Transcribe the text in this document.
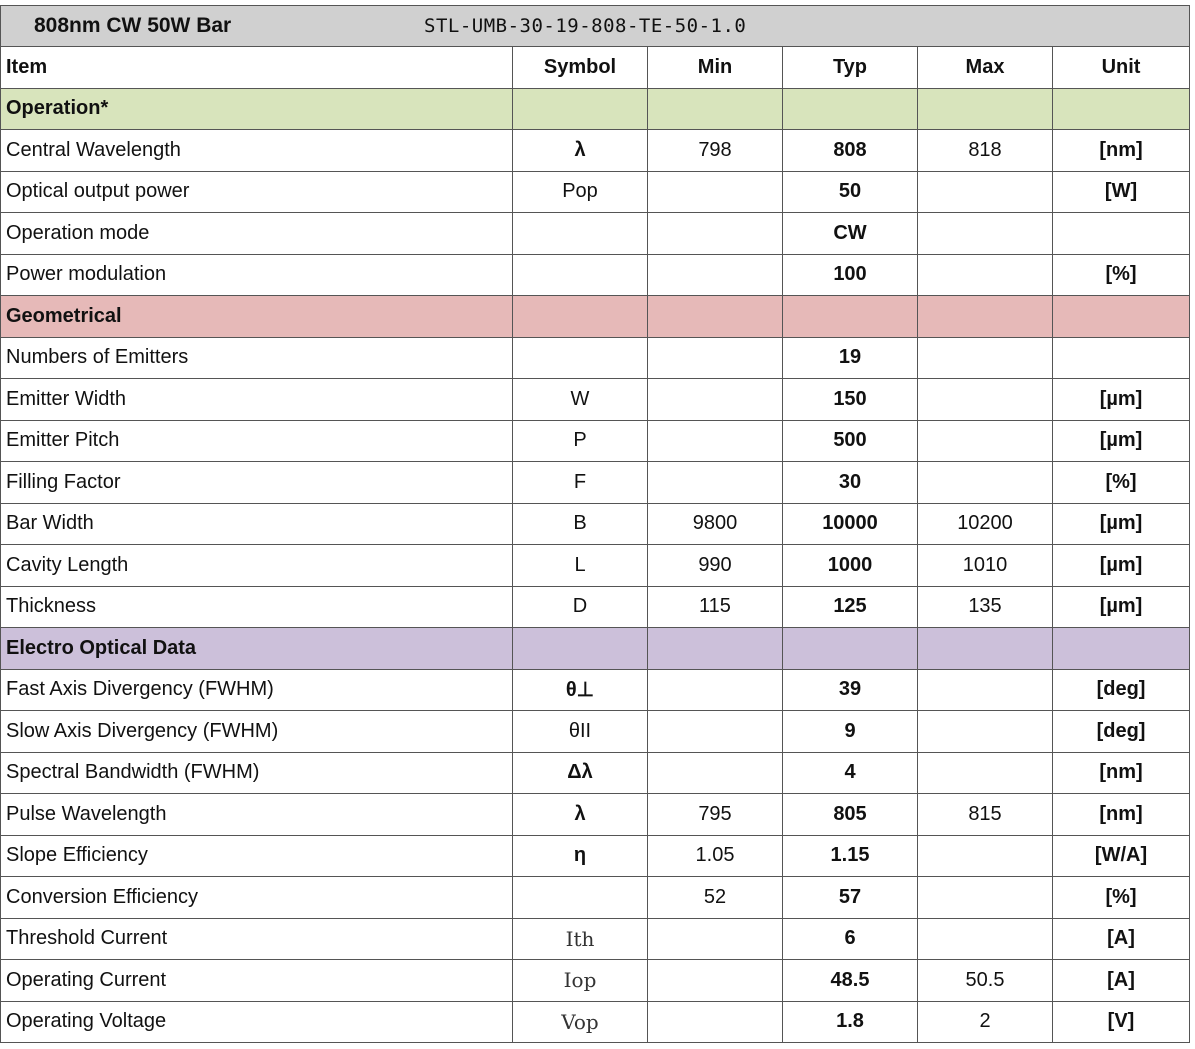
808nm CW 50W Bar STL-UMB-30-19-808-TE-50-1.0					
Item	Symbol	Min	Typ	Max	Unit
Operation*					
Central Wavelength	λ	798	808	818	[nm]
Optical output power	Pop		50		[W]
Operation mode			CW		
Power modulation			100		[%]
Geometrical					
Numbers of Emitters			19		
Emitter Width	W		150		[µm]
Emitter Pitch	P		500		[µm]
Filling Factor	F		30		[%]
Bar Width	B	9800	10000	10200	[µm]
Cavity Length	L	990	1000	1010	[µm]
Thickness	D	115	125	135	[µm]
Electro Optical Data					
Fast Axis Divergency (FWHM)	θ⊥		39		[deg]
Slow Axis Divergency (FWHM)	θII		9		[deg]
Spectral Bandwidth (FWHM)	Δλ		4		[nm]
Pulse Wavelength	λ	795	805	815	[nm]
Slope Efficiency	η	1.05	1.15		[W/A]
Conversion Efficiency		52	57		[%]
Threshold Current	Ith		6		[A]
Operating Current	Iop		48.5	50.5	[A]
Operating Voltage	Vop		1.8	2	[V]
